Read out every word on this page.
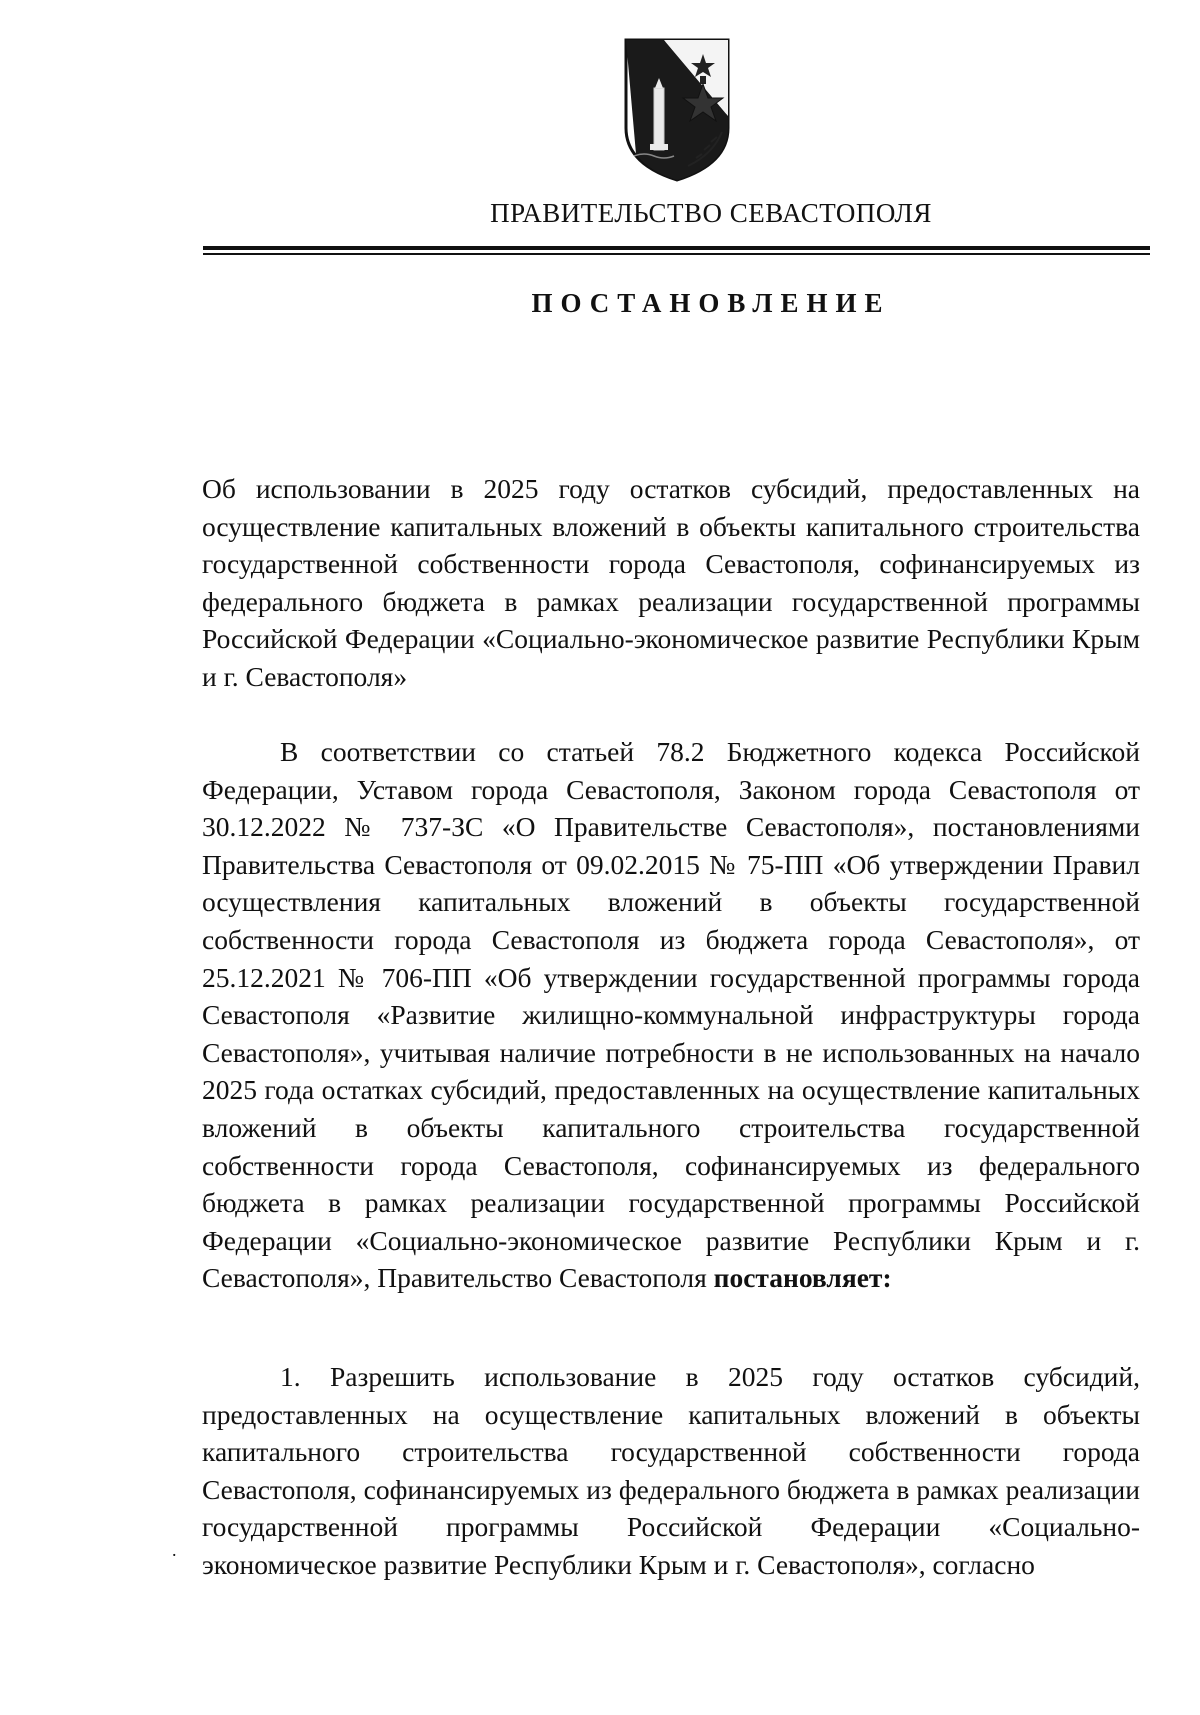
ПРАВИТЕЛЬСТВО СЕВАСТОПОЛЯ
ПОСТАНОВЛЕНИЕ
Об использовании в 2025 году остатков субсидий, предоставленных на осуществление капитальных вложений в объекты капитального строительства государственной собственности города Севастополя, софинансируемых из федерального бюджета в рамках реализации государственной программы Российской Федерации «Социально-экономическое развитие Республики Крым и г. Севастополя»
В соответствии со статьей 78.2 Бюджетного кодекса Российской Федерации, Уставом города Севастополя, Законом города Севастополя от 30.12.2022 № 737-ЗС «О Правительстве Севастополя», постановлениями Правительства Севастополя от 09.02.2015 № 75-ПП «Об утверждении Правил осуществления капитальных вложений в объекты государственной собственности города Севастополя из бюджета города Севастополя», от 25.12.2021 № 706-ПП «Об утверждении государственной программы города Севастополя «Развитие жилищно-коммунальной инфраструктуры города Севастополя», учитывая наличие потребности в не использованных на начало 2025 года остатках субсидий, предоставленных на осуществление капитальных вложений в объекты капитального строительства государственной собственности города Севастополя, софинансируемых из федерального бюджета в рамках реализации государственной программы Российской Федерации «Социально-экономическое развитие Республики Крым и г. Севастополя», Правительство Севастополя постановляет:
1. Разрешить использование в 2025 году остатков субсидий, предоставленных на осуществление капитальных вложений в объекты капитального строительства государственной собственности города Севастополя, софинансируемых из федерального бюджета в рамках реализации государственной программы Российской Федерации «Социально-экономическое развитие Республики Крым и г. Севастополя», согласно
.
